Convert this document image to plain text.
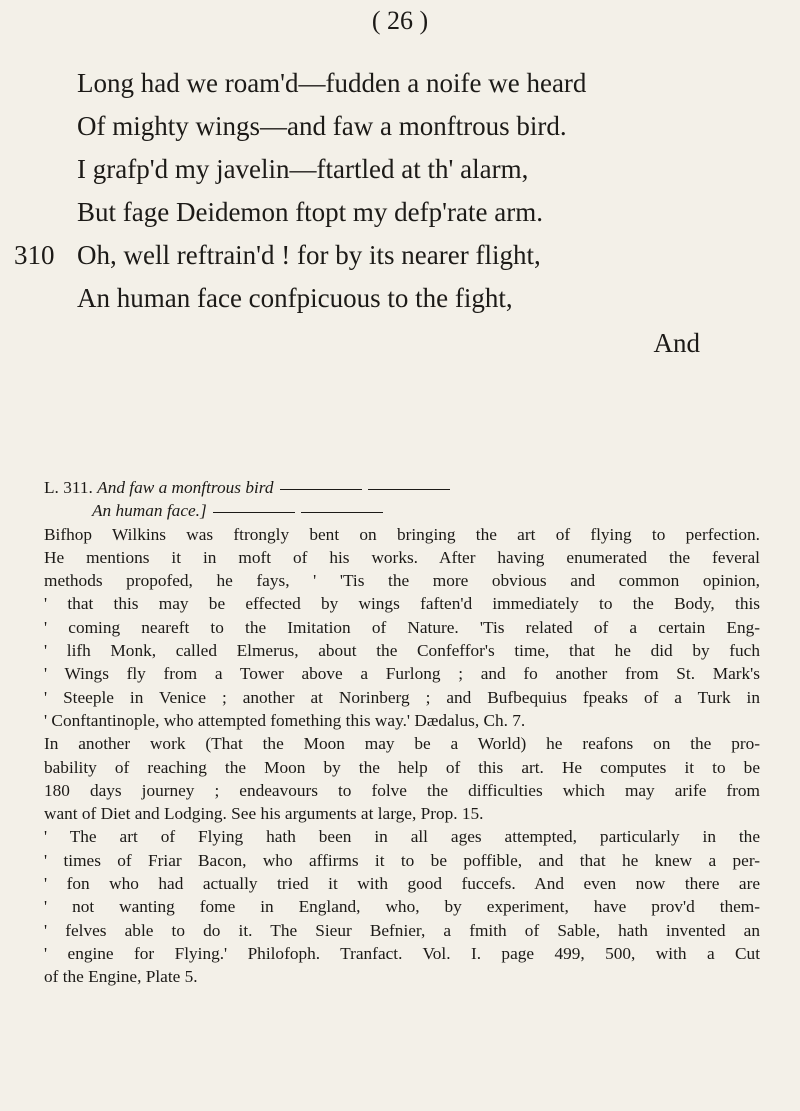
( 26 )
Long had we roam'd—fudden a noife we heard
Of mighty wings—and faw a monftrous bird.
I grafp'd my javelin—ftartled at th' alarm,
But fage Deidemon ftopt my defp'rate arm.
310 Oh, well reftrain'd ! for by its nearer flight,
An human face confpicuous to the fight,
And
L. 311. And faw a monftrous bird
An human face.]
Bifhop Wilkins was ftrongly bent on bringing the art of flying to perfection.
He mentions it in moft of his works. After having enumerated the feveral
methods propofed, he fays, ' 'Tis the more obvious and common opinion,
' that this may be effected by wings faften'd immediately to the Body, this
' coming neareft to the Imitation of Nature. 'Tis related of a certain Eng-
' lifh Monk, called Elmerus, about the Confeffor's time, that he did by fuch
' Wings fly from a Tower above a Furlong ; and fo another from St. Mark's
' Steeple in Venice ; another at Norinberg ; and Bufbequius fpeaks of a Turk in
' Conftantinople, who attempted fomething this way.' Dædalus, Ch. 7.
In another work (That the Moon may be a World) he reafons on the pro-
bability of reaching the Moon by the help of this art. He computes it to be
180 days journey ; endeavours to folve the difficulties which may arife from
want of Diet and Lodging. See his arguments at large, Prop. 15.
' The art of Flying hath been in all ages attempted, particularly in the
' times of Friar Bacon, who affirms it to be poffible, and that he knew a per-
' fon who had actually tried it with good fuccefs. And even now there are
' not wanting fome in England, who, by experiment, have prov'd them-
' felves able to do it. The Sieur Befnier, a fmith of Sable, hath invented an
' engine for Flying.' Philofoph. Tranfact. Vol. I. page 499, 500, with a Cut
of the Engine, Plate 5.
